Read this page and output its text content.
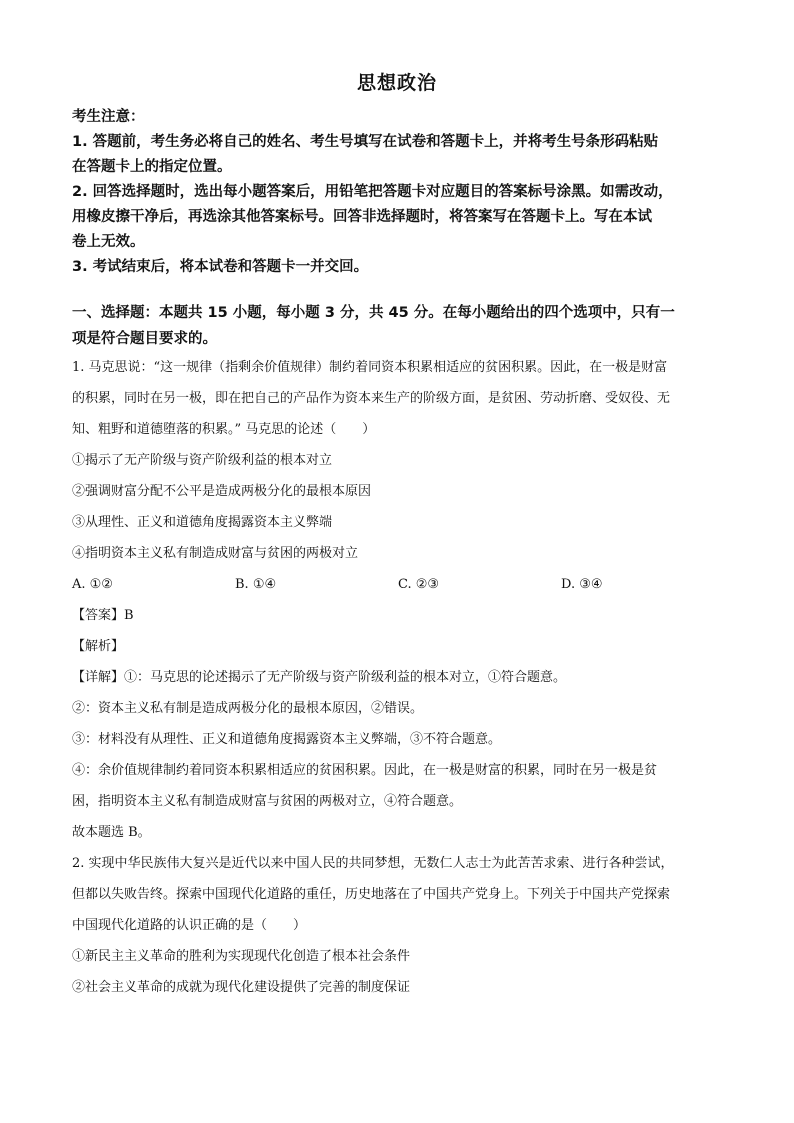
思想政治
考生注意：
1. 答题前，考生务必将自己的姓名、考生号填写在试卷和答题卡上，并将考生号条形码粘贴
在答题卡上的指定位置。
2. 回答选择题时，选出每小题答案后，用铅笔把答题卡对应题目的答案标号涂黑。如需改动，
用橡皮擦干净后，再选涂其他答案标号。回答非选择题时，将答案写在答题卡上。写在本试
卷上无效。
3. 考试结束后，将本试卷和答题卡一并交回。
一、选择题：本题共 15 小题，每小题 3 分，共 45 分。在每小题给出的四个选项中，只有一
项是符合题目要求的。
1. 马克思说：“这一规律（指剩余价值规律）制约着同资本积累相适应的贫困积累。因此，在一极是财富
的积累，同时在另一极，即在把自己的产品作为资本来生产的阶级方面，是贫困、劳动折磨、受奴役、无
知、粗野和道德堕落的积累。” 马克思的论述（　　）
①揭示了无产阶级与资产阶级利益的根本对立
②强调财富分配不公平是造成两极分化的最根本原因
③从理性、正义和道德角度揭露资本主义弊端
④指明资本主义私有制造成财富与贫困的两极对立
A. ①②	B. ①④	C. ②③	D. ③④
【答案】B
【解析】
【详解】①：马克思的论述揭示了无产阶级与资产阶级利益的根本对立，①符合题意。
②：资本主义私有制是造成两极分化的最根本原因，②错误。
③：材料没有从理性、正义和道德角度揭露资本主义弊端，③不符合题意。
④：余价值规律制约着同资本积累相适应的贫困积累。因此，在一极是财富的积累，同时在另一极是贫
困，指明资本主义私有制造成财富与贫困的两极对立，④符合题意。
故本题选 B。
2. 实现中华民族伟大复兴是近代以来中国人民的共同梦想，无数仁人志士为此苦苦求索、进行各种尝试，
但都以失败告终。探索中国现代化道路的重任，历史地落在了中国共产党身上。下列关于中国共产党探索
中国现代化道路的认识正确的是（　　）
①新民主主义革命的胜利为实现现代化创造了根本社会条件
②社会主义革命的成就为现代化建设提供了完善的制度保证
